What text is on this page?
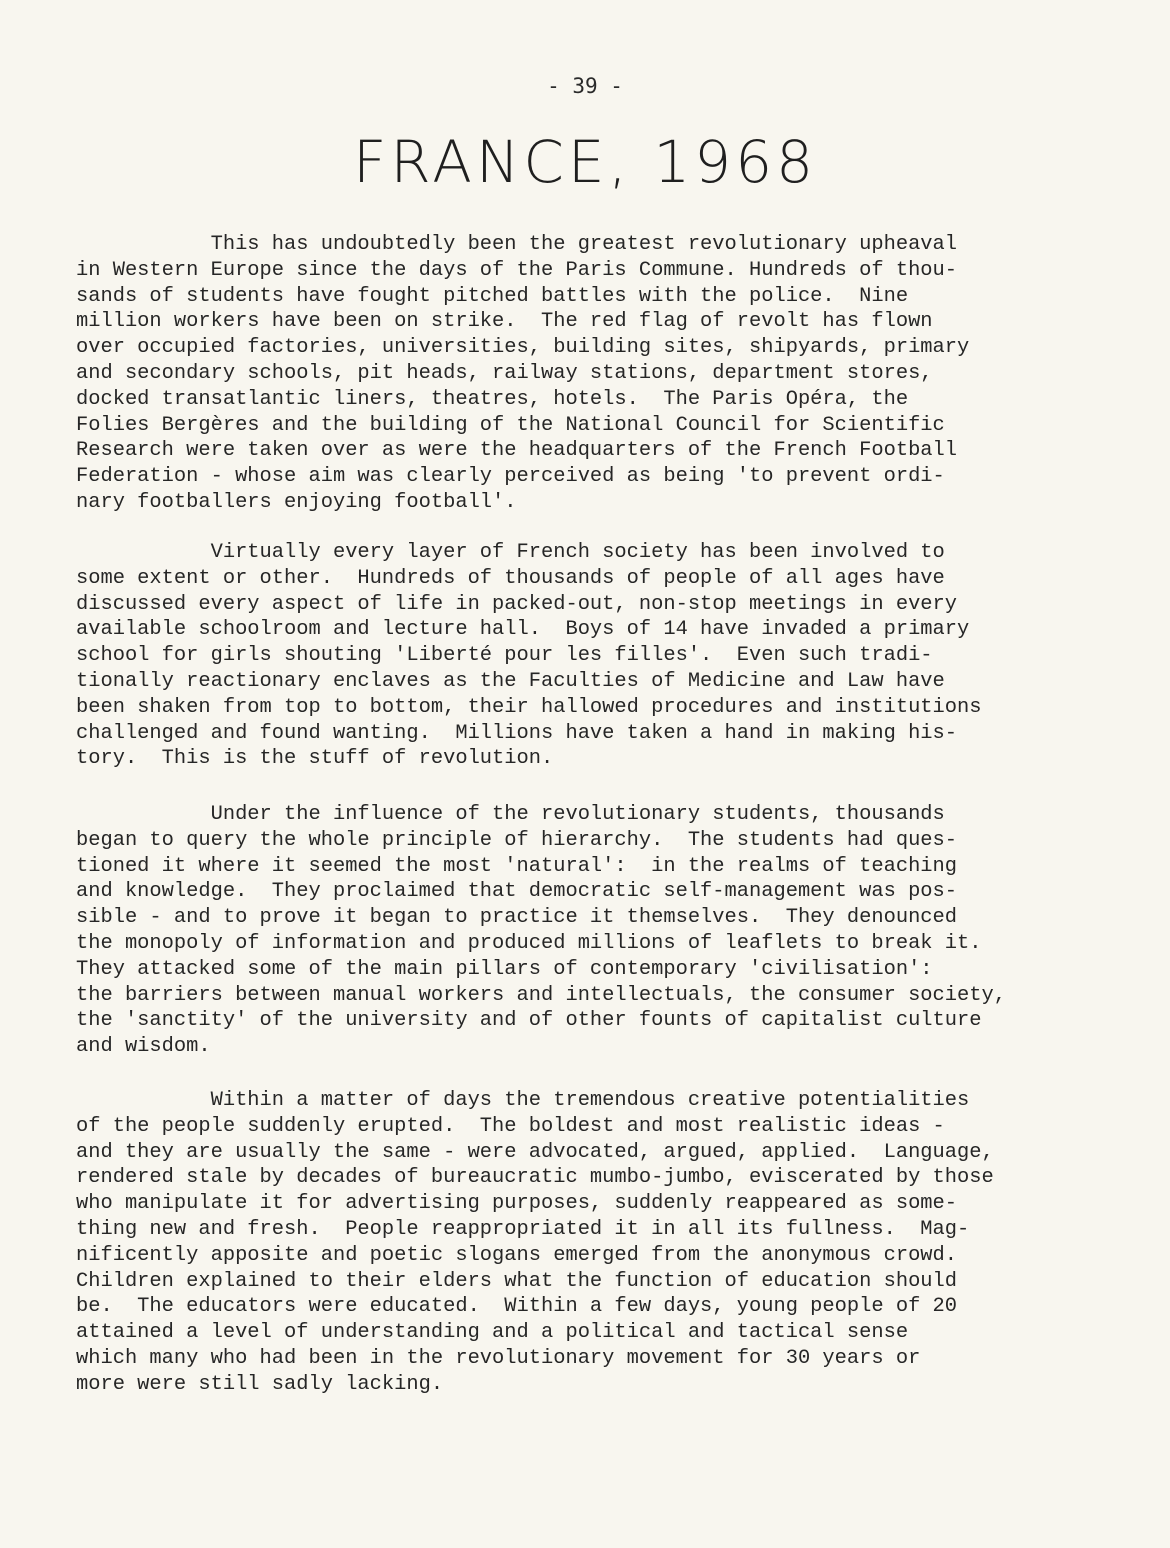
- 39 -
FRANCE, 1968
This has undoubtedly been the greatest revolutionary upheaval
in Western Europe since the days of the Paris Commune. Hundreds of thou-
sands of students have fought pitched battles with the police.  Nine
million workers have been on strike.  The red flag of revolt has flown
over occupied factories, universities, building sites, shipyards, primary
and secondary schools, pit heads, railway stations, department stores,
docked transatlantic liners, theatres, hotels.  The Paris Opéra, the
Folies Bergères and the building of the National Council for Scientific
Research were taken over as were the headquarters of the French Football
Federation - whose aim was clearly perceived as being 'to prevent ordi-
nary footballers enjoying football'.
Virtually every layer of French society has been involved to
some extent or other.  Hundreds of thousands of people of all ages have
discussed every aspect of life in packed-out, non-stop meetings in every
available schoolroom and lecture hall.  Boys of 14 have invaded a primary
school for girls shouting 'Liberté pour les filles'.  Even such tradi-
tionally reactionary enclaves as the Faculties of Medicine and Law have
been shaken from top to bottom, their hallowed procedures and institutions
challenged and found wanting.  Millions have taken a hand in making his-
tory.  This is the stuff of revolution.
Under the influence of the revolutionary students, thousands
began to query the whole principle of hierarchy.  The students had ques-
tioned it where it seemed the most 'natural':  in the realms of teaching
and knowledge.  They proclaimed that democratic self-management was pos-
sible - and to prove it began to practice it themselves.  They denounced
the monopoly of information and produced millions of leaflets to break it.
They attacked some of the main pillars of contemporary 'civilisation':
the barriers between manual workers and intellectuals, the consumer society,
the 'sanctity' of the university and of other founts of capitalist culture
and wisdom.
Within a matter of days the tremendous creative potentialities
of the people suddenly erupted.  The boldest and most realistic ideas -
and they are usually the same - were advocated, argued, applied.  Language,
rendered stale by decades of bureaucratic mumbo-jumbo, eviscerated by those
who manipulate it for advertising purposes, suddenly reappeared as some-
thing new and fresh.  People reappropriated it in all its fullness.  Mag-
nificently apposite and poetic slogans emerged from the anonymous crowd.
Children explained to their elders what the function of education should
be.  The educators were educated.  Within a few days, young people of 20
attained a level of understanding and a political and tactical sense
which many who had been in the revolutionary movement for 30 years or
more were still sadly lacking.
